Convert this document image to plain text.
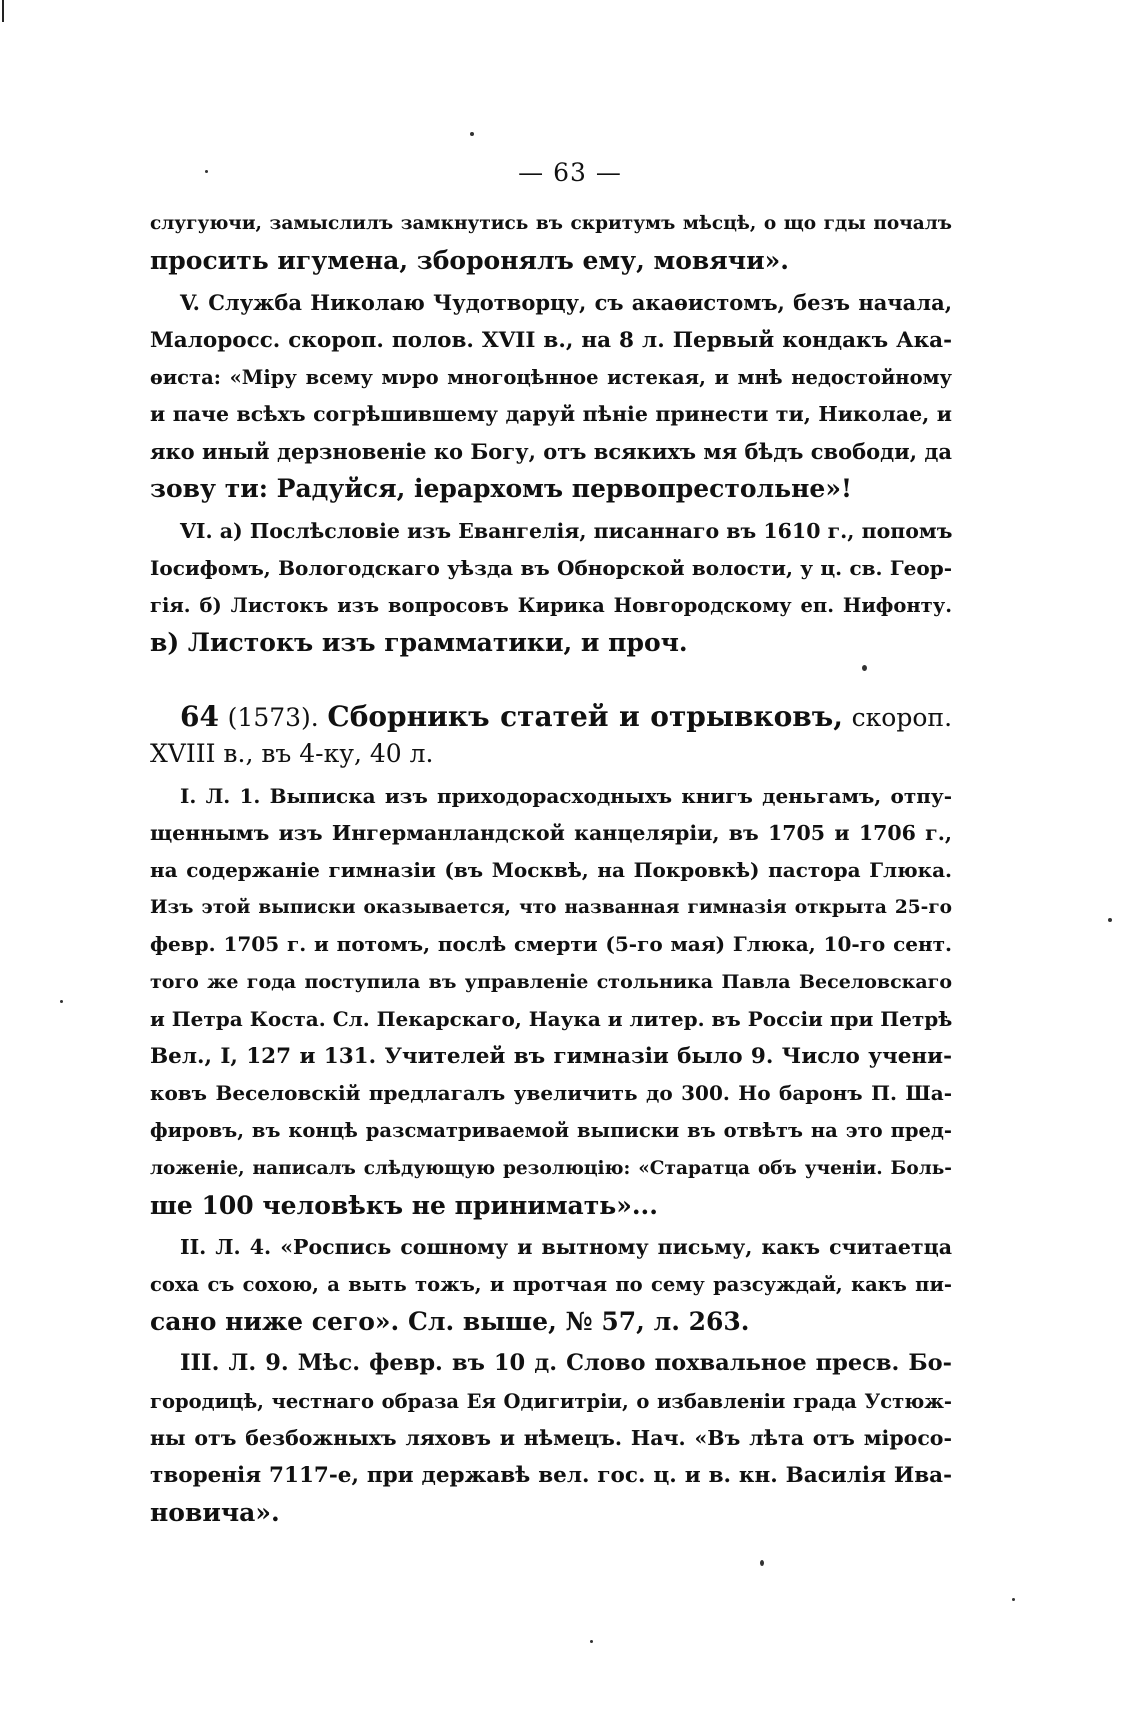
— 63 —
слугуючи, замыслилъ замкнутись въ скритумъ мѣсцѣ, о що гды почалъ
просить игумена, зборонялъ ему, мовячи».
V. Служба Николаю Чудотворцу, съ акаѳистомъ, безъ начала,
Малоросс. скороп. полов. XVII в., на 8 л. Первый кондакъ Ака-
ѳиста: «Міру всему мνро многоцѣнное истекая, и мнѣ недостойному
и паче всѣхъ согрѣшившему даруй пѣніе принести ти, Николае, и
яко иный дерзновеніе ко Богу, отъ всякихъ мя бѣдъ свободи, да
зову ти: Радуйся, іерархомъ первопрестольне»!
VI. а) Послѣсловіе изъ Евангелія, писаннаго въ 1610 г., попомъ
Іосифомъ, Вологодскаго уѣзда въ Обнорской волости, у ц. св. Геор-
гія. б) Листокъ изъ вопросовъ Кирика Новгородскому еп. Нифонту.
в) Листокъ изъ грамматики, и проч.
64 (1573). Сборникъ статей и отрывковъ, скороп.
XVIII в., въ 4-ку, 40 л.
I. Л. 1. Выписка изъ приходорасходныхъ книгъ деньгамъ, отпу-
щеннымъ изъ Ингерманландской канцеляріи, въ 1705 и 1706 г.,
на содержаніе гимназіи (въ Москвѣ, на Покровкѣ) пастора Глюка.
Изъ этой выписки оказывается, что названная гимназія открыта 25-го
февр. 1705 г. и потомъ, послѣ смерти (5-го мая) Глюка, 10-го сент.
того же года поступила въ управленіе стольника Павла Веселовскаго
и Петра Коста. Сл. Пекарскаго, Наука и литер. въ Россіи при Петрѣ
Вел., I, 127 и 131. Учителей въ гимназіи было 9. Число учени-
ковъ Веселовскій предлагалъ увеличить до 300. Но баронъ П. Ша-
фировъ, въ концѣ разсматриваемой выписки въ отвѣтъ на это пред-
ложеніе, написалъ слѣдующую резолюцію: «Старатца объ ученіи. Боль-
ше 100 человѣкъ не принимать»...
II. Л. 4. «Роспись сошному и вытному письму, какъ считаетца
соха съ сохою, а выть тожъ, и протчая по сему разсуждай, какъ пи-
сано ниже сего». Сл. выше, № 57, л. 263.
III. Л. 9. Мѣс. февр. въ 10 д. Слово похвальное пресв. Бо-
городицѣ, честнаго образа Ея Одигитріи, о избавленіи града Устюж-
ны отъ безбожныхъ ляховъ и нѣмецъ. Нач. «Въ лѣта отъ міросо-
творенія 7117-е, при державѣ вел. гос. ц. и в. кн. Василія Ива-
новича».
